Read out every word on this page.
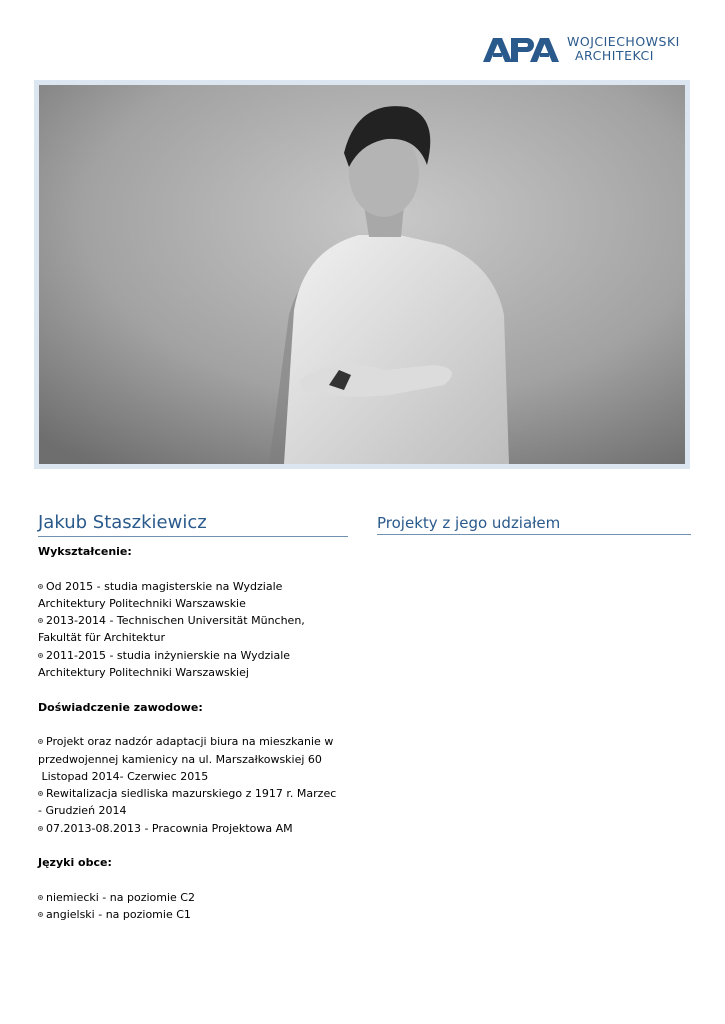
WOJCIECHOWSKI
ARCHITEKCI
Jakub Staszkiewicz	Projekty z jego udziałem
Wykształcenie:

Od 2015 - studia magisterskie na Wydziale

Architektury Politechniki Warszawskie

2013-2014 - Technischen Universität München,

Fakultät für Architektur

2011-2015 - studia inżynierskie na Wydziale

Architektury Politechniki Warszawskiej

Doświadczenie zawodowe:

Projekt oraz nadzór adaptacji biura na mieszkanie w

przedwojennej kamienicy na ul. Marszałkowskiej 60

Listopad 2014- Czerwiec 2015

Rewitalizacja siedliska mazurskiego z 1917 r. Marzec

- Grudzień 2014

07.2013-08.2013 - Pracownia Projektowa AM

Języki obce:

niemiecki - na poziomie C2

angielski - na poziomie C1
